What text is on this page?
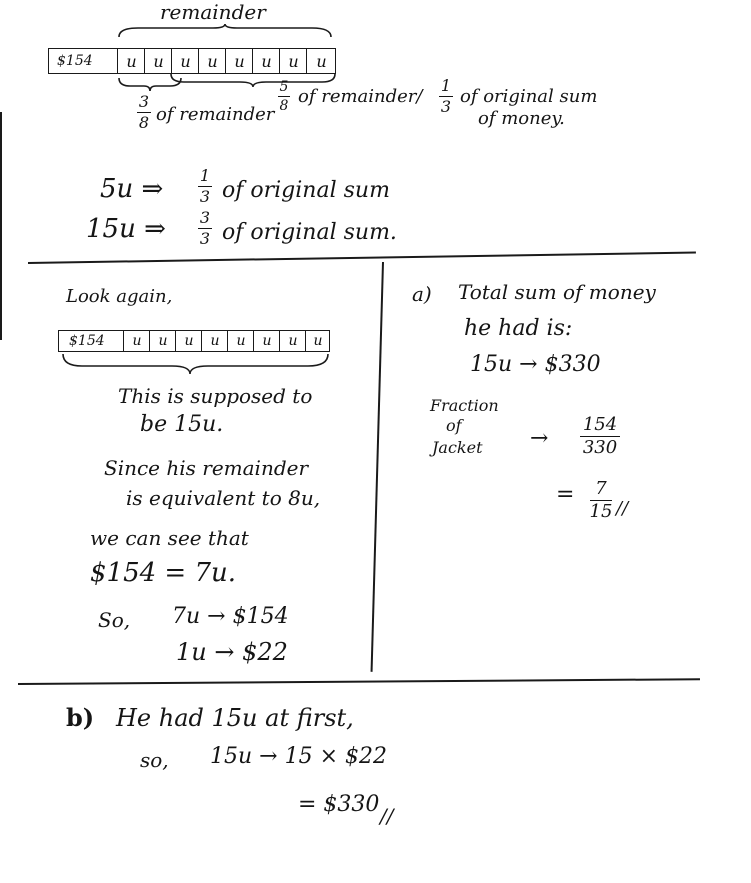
remainder
$154	u	u	u	u	u	u	u	u
3
8 of remainder
5
8 of remainder/
1
3 of original sum
of money.
5u ⇒ 1
3 of original sum
15u ⇒ 3
3 of original sum.
Look again,
$154	u	u	u	u	u	u	u	u
This is supposed to
be 15u.
Since his remainder
is equivalent to 8u,
we can see that
$154 = 7u.
So, 7u → $154
1u → $22
a) Total sum of money
he had is:
15u → $330
Fraction
of
Jacket →
154
330
= 7
15 //
b) He had 15u at first,
so, 15u → 15 × $22
= $330 //
